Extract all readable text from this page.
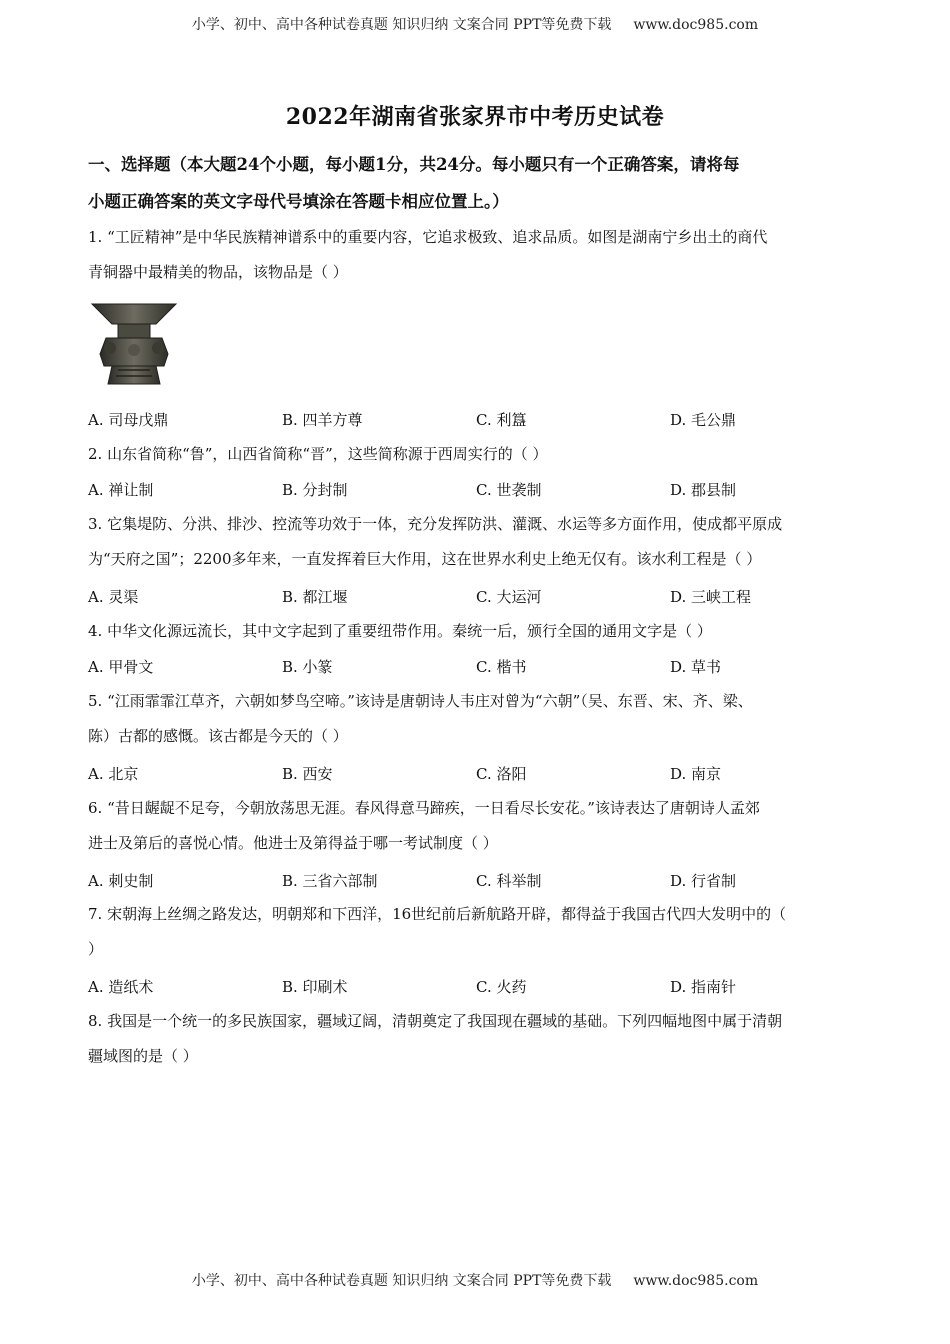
小学、初中、高中各种试卷真题 知识归纳 文案合同 PPT等免费下载 www.doc985.com
2022年湖南省张家界市中考历史试卷
一、选择题（本大题24个小题，每小题1分，共24分。每小题只有一个正确答案，请将每
小题正确答案的英文字母代号填涂在答题卡相应位置上。）
1. “工匠精神”是中华民族精神谱系中的重要内容，它追求极致、追求品质。如图是湖南宁乡出土的商代
青铜器中最精美的物品，该物品是（ ）
A. 司母戊鼎	B. 四羊方尊	C. 利簋	D. 毛公鼎
2. 山东省简称“鲁”，山西省简称“晋”，这些简称源于西周实行的（ ）
A. 禅让制	B. 分封制	C. 世袭制	D. 郡县制
3. 它集堤防、分洪、排沙、控流等功效于一体，充分发挥防洪、灌溉、水运等多方面作用，使成都平原成
为“天府之国”；2200多年来，一直发挥着巨大作用，这在世界水利史上绝无仅有。该水利工程是（ ）
A. 灵渠	B. 都江堰	C. 大运河	D. 三峡工程
4. 中华文化源远流长，其中文字起到了重要纽带作用。秦统一后，颁行全国的通用文字是（ ）
A. 甲骨文	B. 小篆	C. 楷书	D. 草书
5. “江雨霏霏江草齐，六朝如梦鸟空啼。”该诗是唐朝诗人韦庄对曾为“六朝”（吴、东晋、宋、齐、梁、
陈）古都的感慨。该古都是今天的（ ）
A. 北京	B. 西安	C. 洛阳	D. 南京
6. “昔日龌龊不足夸，今朝放荡思无涯。春风得意马蹄疾，一日看尽长安花。”该诗表达了唐朝诗人孟郊
进士及第后的喜悦心情。他进士及第得益于哪一考试制度（ ）
A. 刺史制	B. 三省六部制	C. 科举制	D. 行省制
7. 宋朝海上丝绸之路发达，明朝郑和下西洋，16世纪前后新航路开辟，都得益于我国古代四大发明中的（
）
A. 造纸术	B. 印刷术	C. 火药	D. 指南针
8. 我国是一个统一的多民族国家，疆域辽阔，清朝奠定了我国现在疆域的基础。下列四幅地图中属于清朝
疆域图的是（ ）
小学、初中、高中各种试卷真题 知识归纳 文案合同 PPT等免费下载 www.doc985.com
